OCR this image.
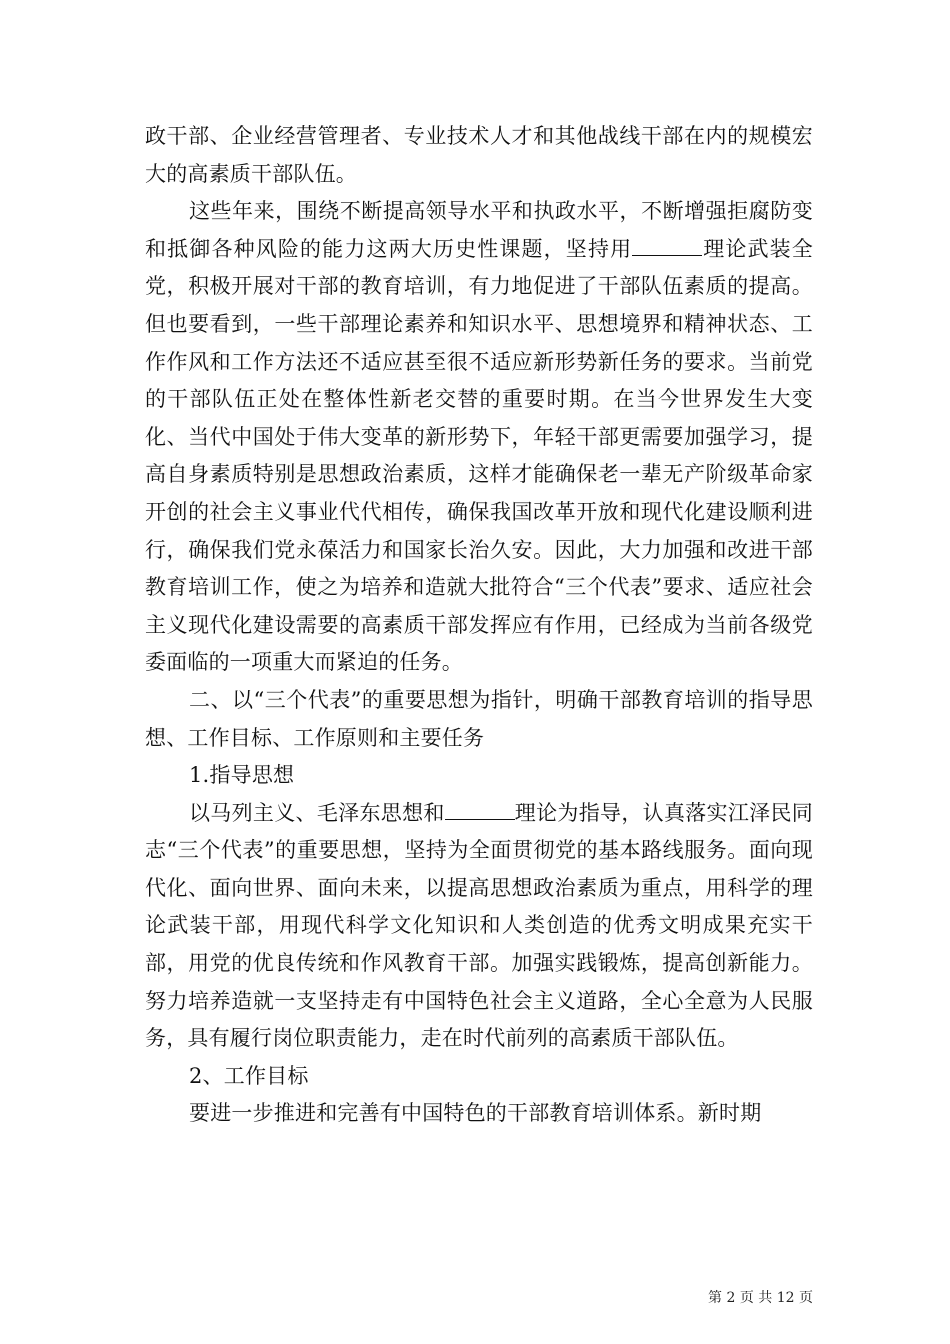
政干部、企业经营管理者、专业技术人才和其他战线干部在内的规模宏大的高素质干部队伍。

这些年来，围绕不断提高领导水平和执政水平，不断增强拒腐防变和抵御各种风险的能力这两大历史性课题，坚持用	理论武装全党，积极开展对干部的教育培训，有力地促进了干部队伍素质的提高。但也要看到，一些干部理论素养和知识水平、思想境界和精神状态、工作作风和工作方法还不适应甚至很不适应新形势新任务的要求。当前党的干部队伍正处在整体性新老交替的重要时期。在当今世界发生大变化、当代中国处于伟大变革的新形势下，年轻干部更需要加强学习，提高自身素质特别是思想政治素质，这样才能确保老一辈无产阶级革命家开创的社会主义事业代代相传，确保我国改革开放和现代化建设顺利进行，确保我们党永葆活力和国家长治久安。因此，大力加强和改进干部教育培训工作，使之为培养和造就大批符合“三个代表”要求、适应社会主义现代化建设需要的高素质干部发挥应有作用，已经成为当前各级党委面临的一项重大而紧迫的任务。

二、以“三个代表”的重要思想为指针，明确干部教育培训的指导思想、工作目标、工作原则和主要任务

1.指导思想

以马列主义、毛泽东思想和	理论为指导，认真落实江泽民同志“三个代表”的重要思想，坚持为全面贯彻党的基本路线服务。面向现代化、面向世界、面向未来，以提高思想政治素质为重点，用科学的理论武装干部，用现代科学文化知识和人类创造的优秀文明成果充实干部，用党的优良传统和作风教育干部。加强实践锻炼，提高创新能力。努力培养造就一支坚持走有中国特色社会主义道路，全心全意为人民服务，具有履行岗位职责能力，走在时代前列的高素质干部队伍。

2、工作目标

要进一步推进和完善有中国特色的干部教育培训体系。新时期

第 2 页 共 12 页
